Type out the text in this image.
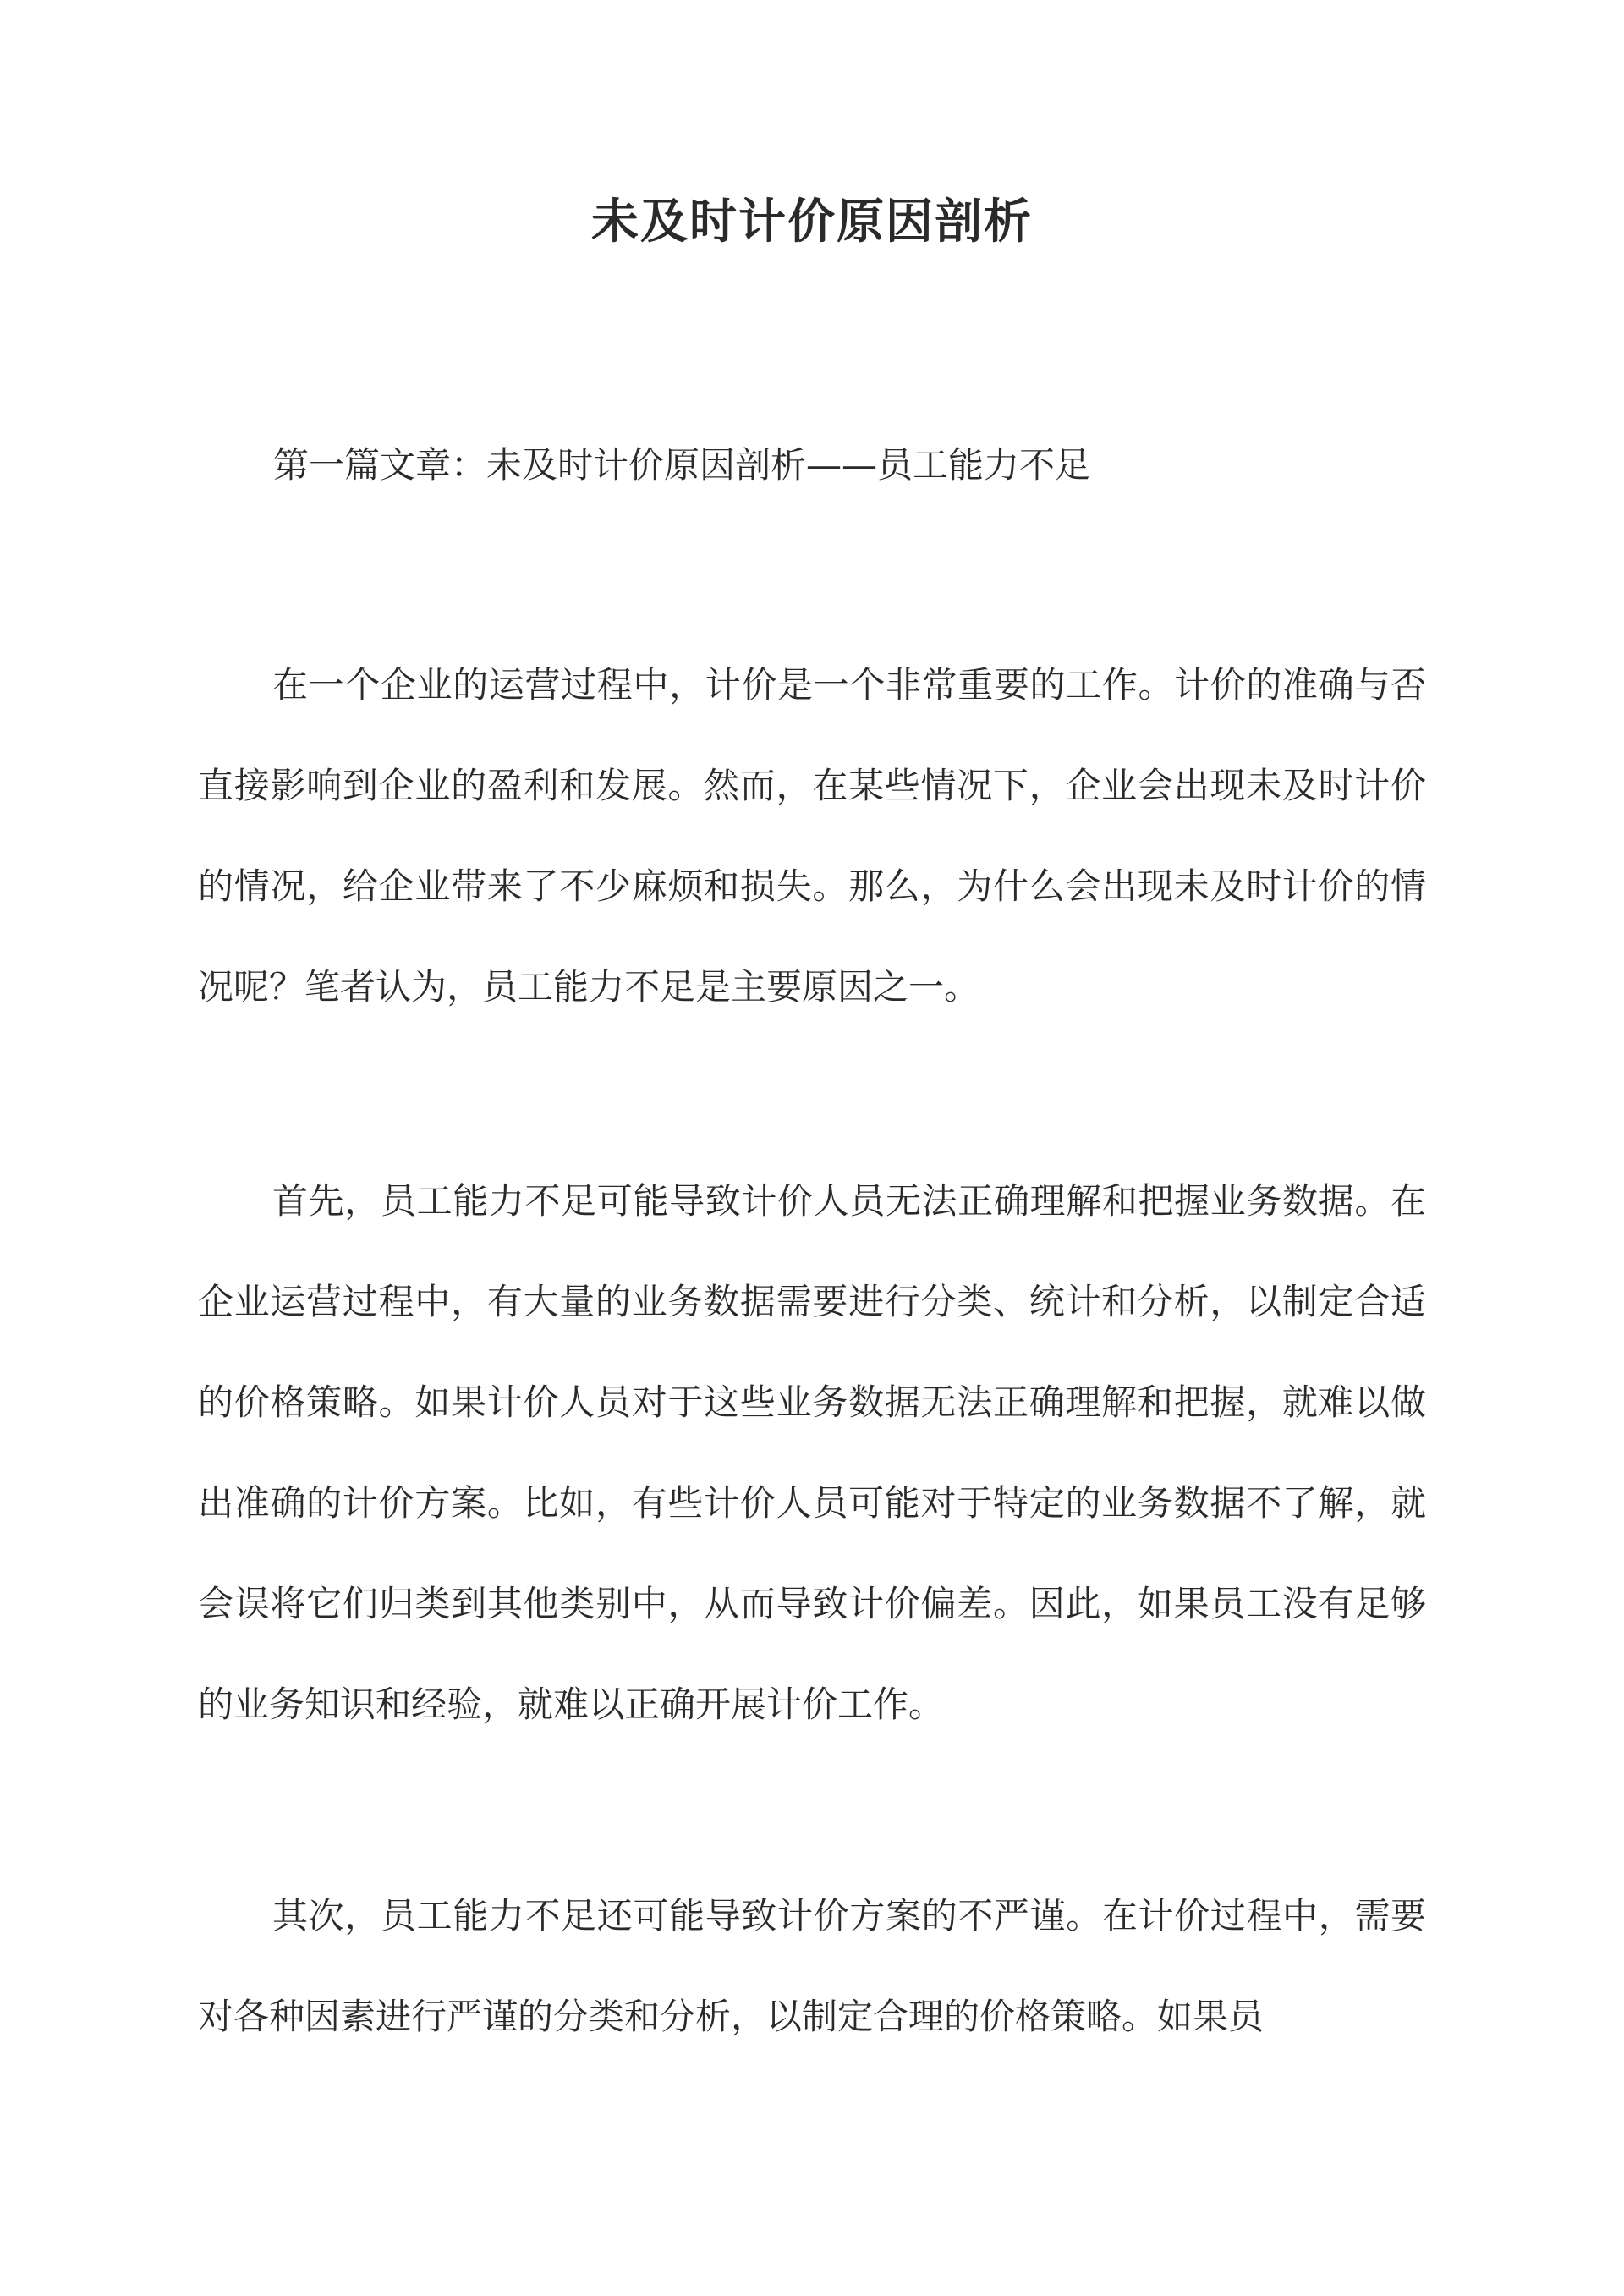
未及时计价原因剖析

第一篇文章：未及时计价原因剖析——员工能力不足

在一个企业的运营过程中，计价是一个非常重要的工作。计价的准确与否直接影响到企业的盈利和发展。然而，在某些情况下，企业会出现未及时计价的情况，给企业带来了不少麻烦和损失。那么，为什么会出现未及时计价的情况呢？笔者认为，员工能力不足是主要原因之一。

首先，员工能力不足可能导致计价人员无法正确理解和把握业务数据。在企业运营过程中，有大量的业务数据需要进行分类、统计和分析，以制定合适的价格策略。如果计价人员对于这些业务数据无法正确理解和把握，就难以做出准确的计价方案。比如，有些计价人员可能对于特定的业务数据不了解，就会误将它们归类到其他类别中，从而导致计价偏差。因此，如果员工没有足够的业务知识和经验，就难以正确开展计价工作。

其次，员工能力不足还可能导致计价方案的不严谨。在计价过程中，需要对各种因素进行严谨的分类和分析，以制定合理的价格策略。如果员
